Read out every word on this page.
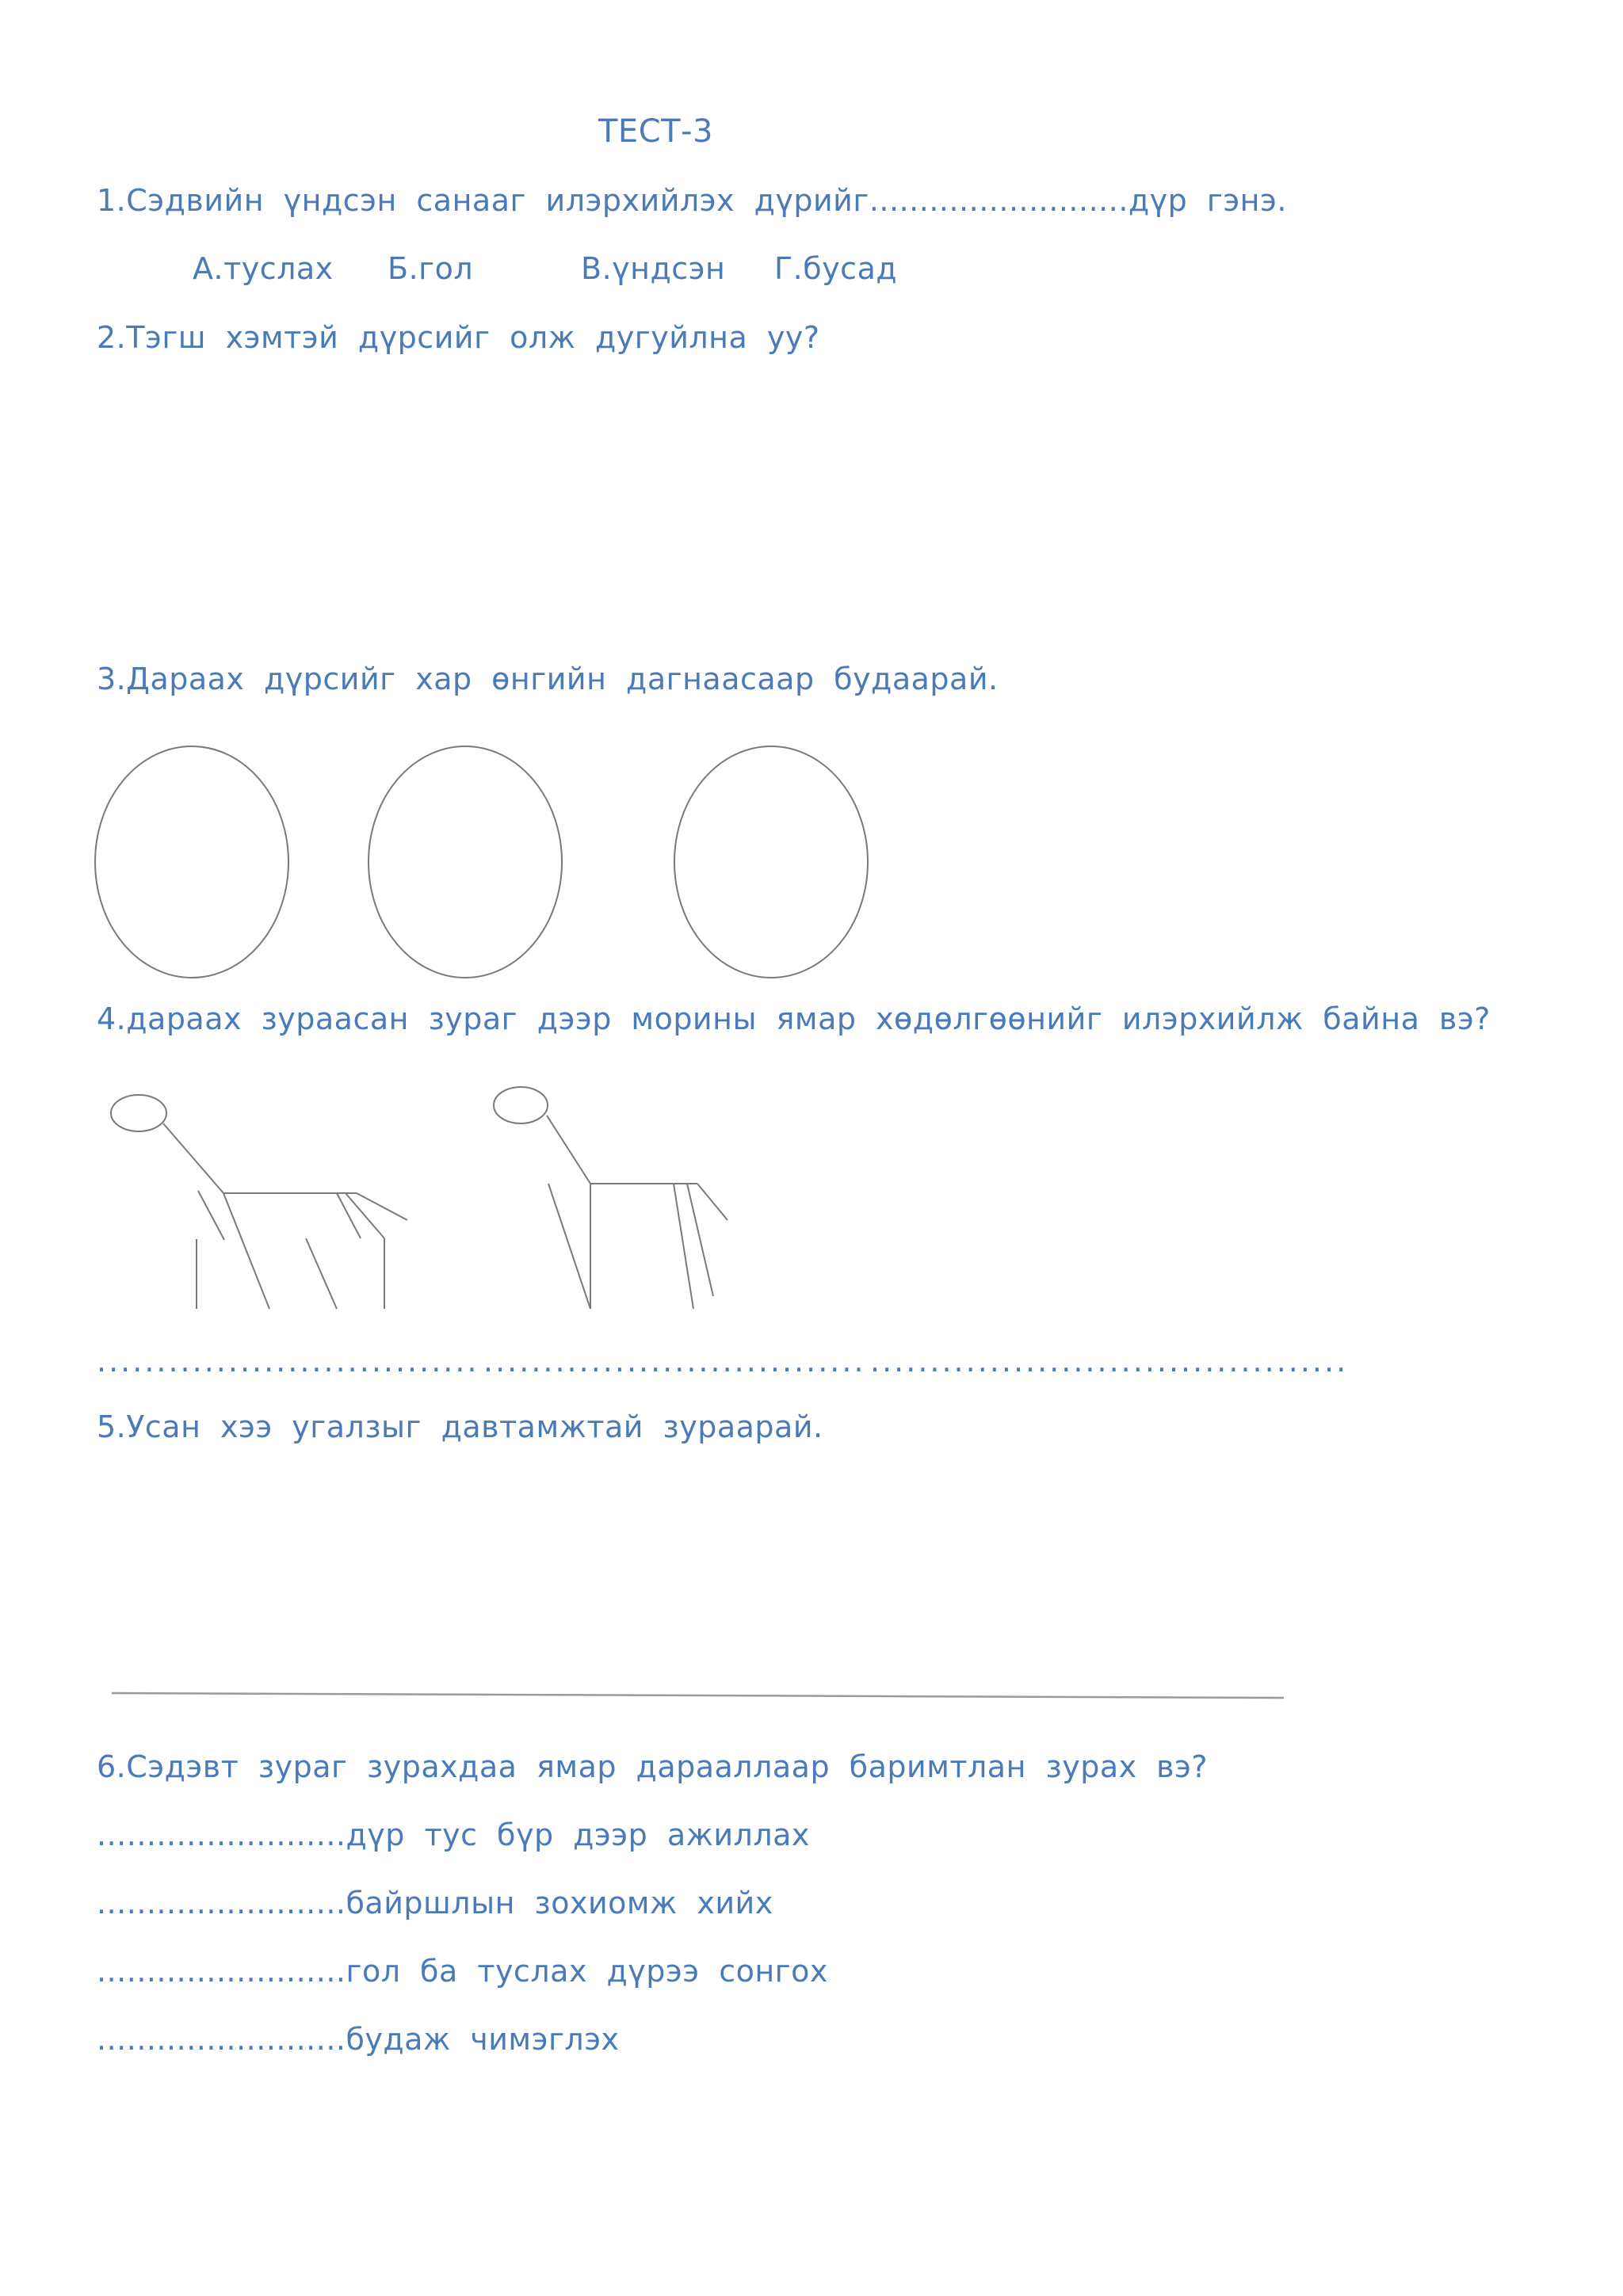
ТЕСТ-3

1.Сэдвийн үндсэн санааг илэрхийлэх дүрийг..........................дүр гэнэ.

А.туслах Б.гол	В.үндсэн Г.бусад

2.Тэгш хэмтэй дүрсийг олж дугуйлна уу?

3.Дараах дүрсийг хар өнгийн дагнаасаар будаарай.

4.дараах зураасан зураг дээр морины ямар хөдөлгөөнийг илэрхийлж байна вэ?

................................ ................................ ........................................

5.Усан хээ угалзыг давтамжтай зураарай.

6.Сэдэвт зураг зурахдаа ямар дарааллаар баримтлан зурах вэ?

.........................дүр тус бүр дээр ажиллах

.........................байршлын зохиомж хийх

.........................гол ба туслах дүрээ сонгох

.........................будаж чимэглэх
